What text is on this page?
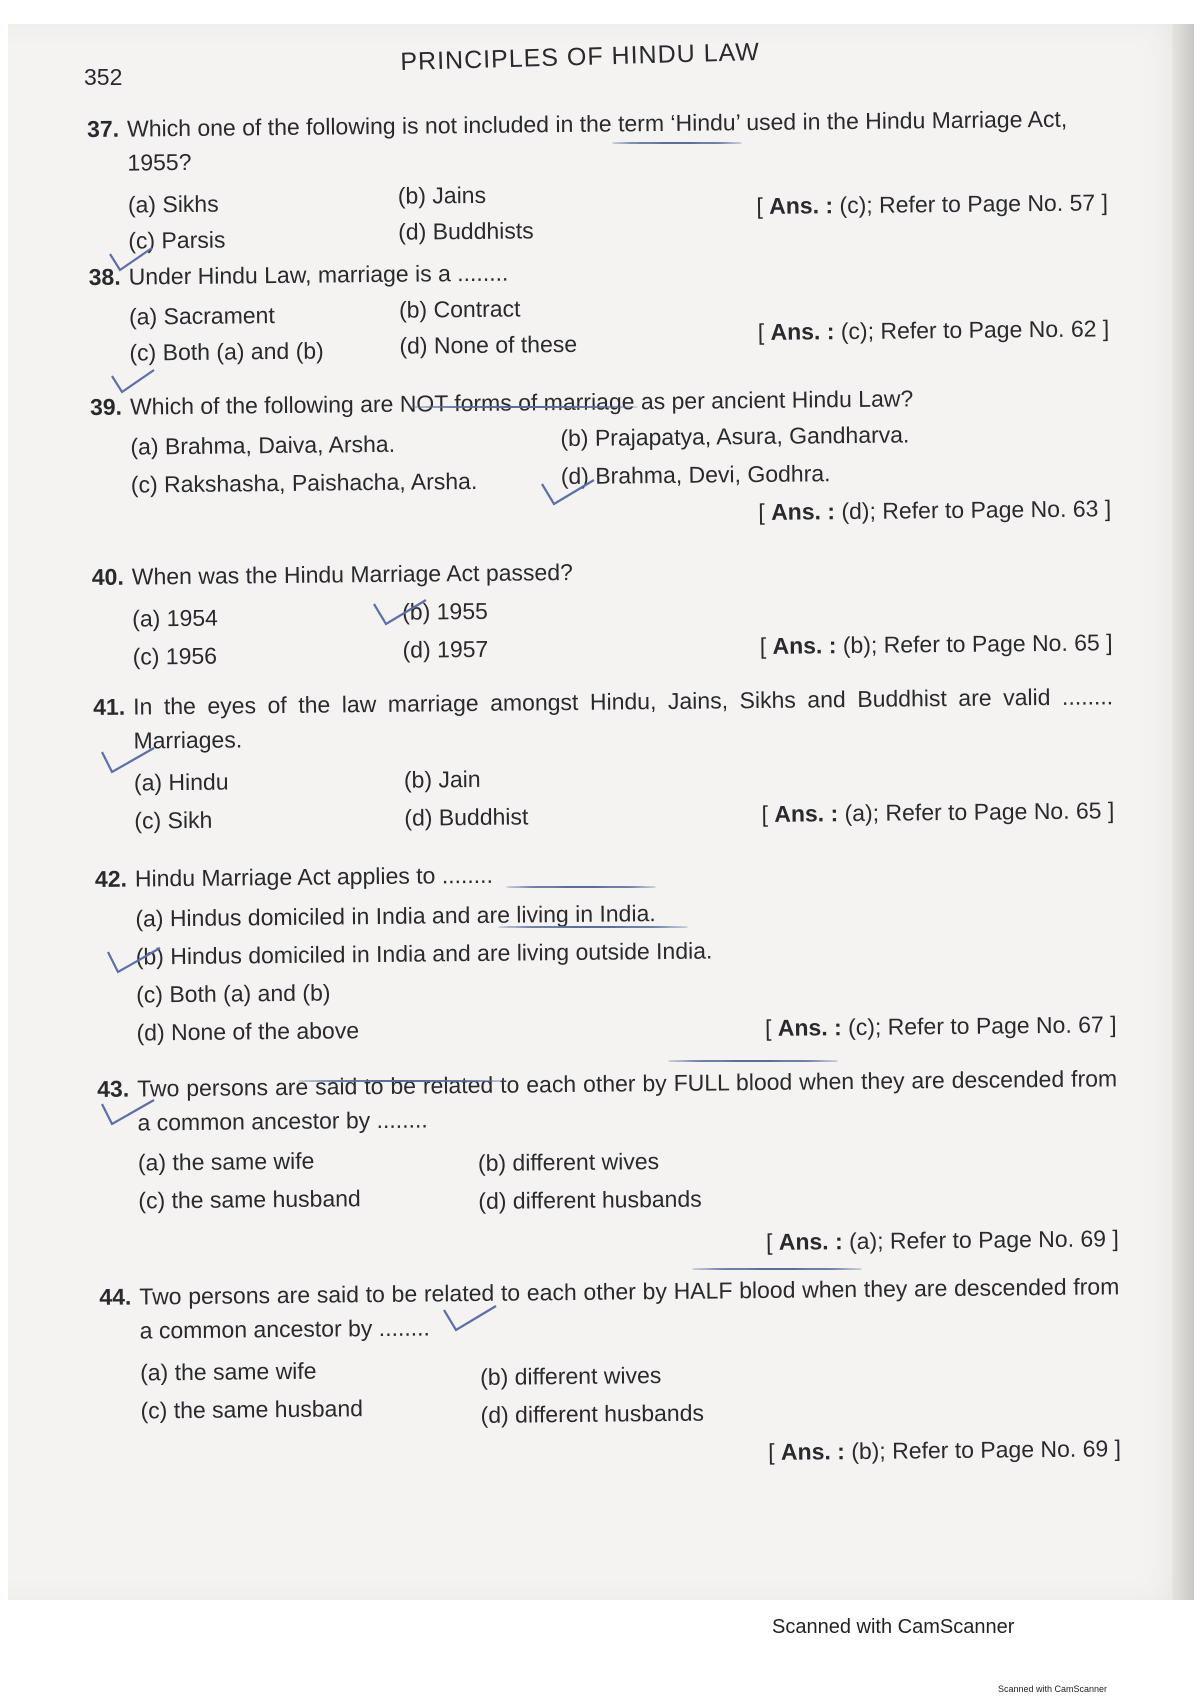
352
PRINCIPLES OF HINDU LAW
37. Which one of the following is not included in the term ‘Hindu’ used in the Hindu Marriage Act, 1955?
(a) Sikhs	(b) Jains
(c) Parsis	(d) Buddhists
[ Ans. : (c); Refer to Page No. 57 ]
38. Under Hindu Law, marriage is a ........
(a) Sacrament	(b) Contract
(c) Both (a) and (b)	(d) None of these	[ Ans. : (c); Refer to Page No. 62 ]
39. Which of the following are NOT forms of marriage as per ancient Hindu Law?
(a) Brahma, Daiva, Arsha.	(b) Prajapatya, Asura, Gandharva.
(c) Rakshasha, Paishacha, Arsha.	(d) Brahma, Devi, Godhra.
[ Ans. : (d); Refer to Page No. 63 ]
40. When was the Hindu Marriage Act passed?
(a) 1954	(b) 1955
(c) 1956	(d) 1957	[ Ans. : (b); Refer to Page No. 65 ]
41. In the eyes of the law marriage amongst Hindu, Jains, Sikhs and Buddhist are valid ........ Marriages.
(a) Hindu	(b) Jain
(c) Sikh	(d) Buddhist	[ Ans. : (a); Refer to Page No. 65 ]
42. Hindu Marriage Act applies to ........
(a) Hindus domiciled in India and are living in India.
(b) Hindus domiciled in India and are living outside India.
(c) Both (a) and (b)
(d) None of the above	[ Ans. : (c); Refer to Page No. 67 ]
43. Two persons are said to be related to each other by FULL blood when they are descended from a common ancestor by ........
(a) the same wife	(b) different wives
(c) the same husband	(d) different husbands
[ Ans. : (a); Refer to Page No. 69 ]
44. Two persons are said to be related to each other by HALF blood when they are descended from a common ancestor by ........
(a) the same wife	(b) different wives
(c) the same husband	(d) different husbands
[ Ans. : (b); Refer to Page No. 69 ]
Scanned with CamScanner
Scanned with CamScanner
